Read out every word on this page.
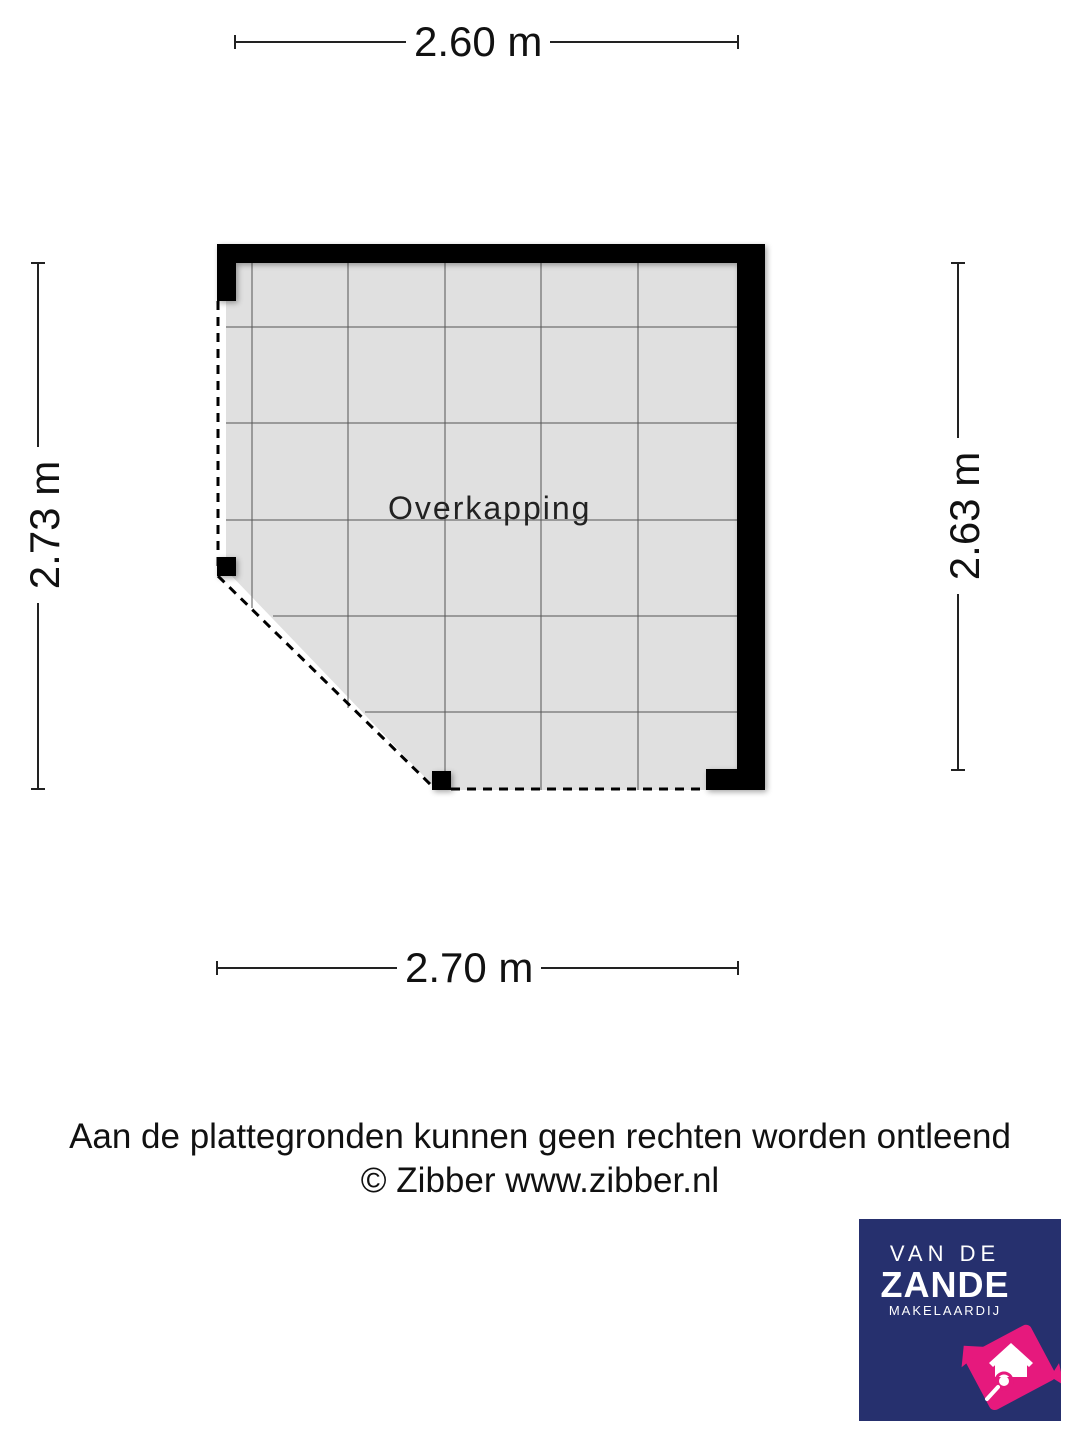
2.60 m
2.70 m
2.73 m	2.63 m
Overkapping
Aan de plattegronden kunnen geen rechten worden ontleend
© Zibber www.zibber.nl
VAN DE
ZANDE
MAKELAARDIJ
